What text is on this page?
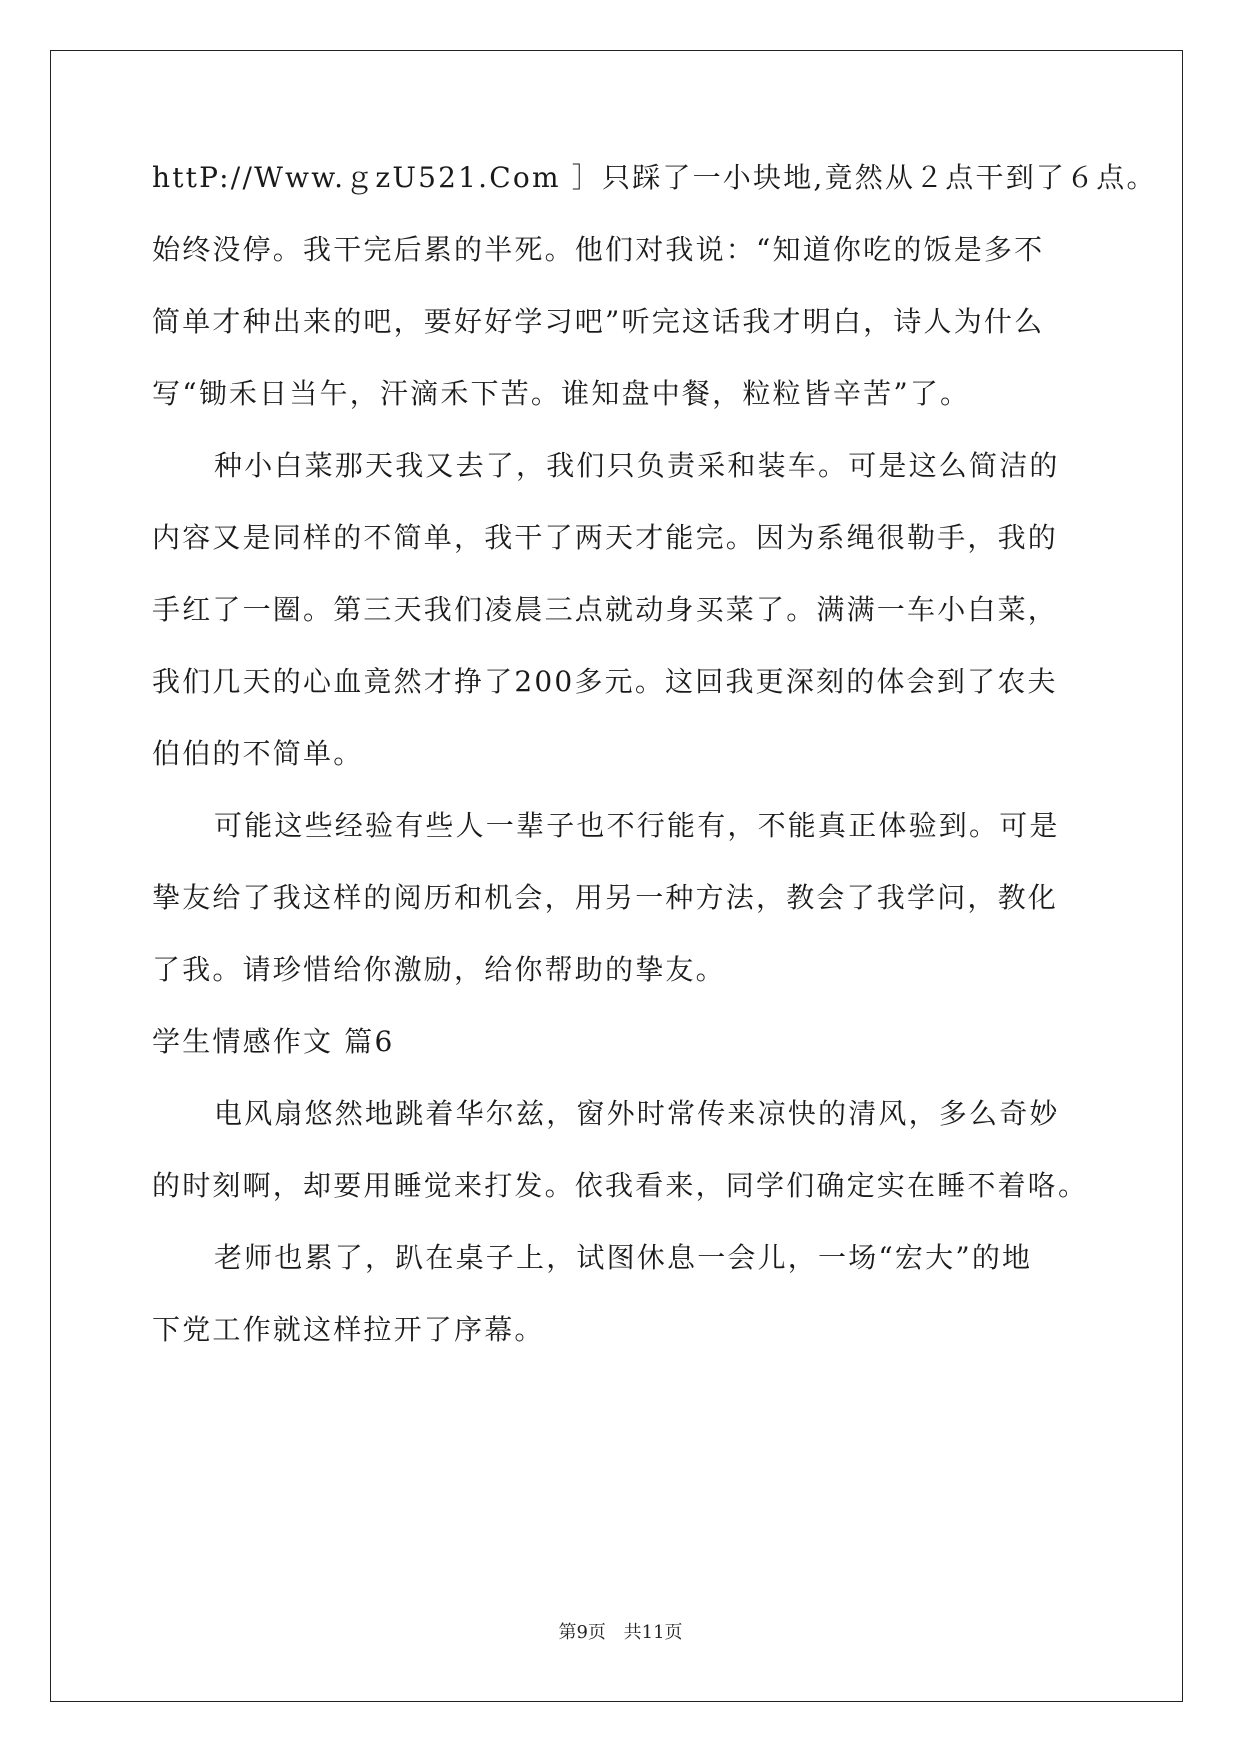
httP://Www.ｇzU521.Com ］只踩了一小块地,竟然从２点干到了６点。
始终没停。我干完后累的半死。他们对我说：“知道你吃的饭是多不
简单才种出来的吧，要好好学习吧”听完这话我才明白，诗人为什么
写“锄禾日当午，汗滴禾下苦。谁知盘中餐，粒粒皆辛苦”了。
种小白菜那天我又去了，我们只负责采和装车。可是这么简洁的
内容又是同样的不简单，我干了两天才能完。因为系绳很勒手，我的
手红了一圈。第三天我们凌晨三点就动身买菜了。满满一车小白菜，
我们几天的心血竟然才挣了200多元。这回我更深刻的体会到了农夫
伯伯的不简单。
可能这些经验有些人一辈子也不行能有，不能真正体验到。可是
挚友给了我这样的阅历和机会，用另一种方法，教会了我学问，教化
了我。请珍惜给你激励，给你帮助的挚友。
学生情感作文 篇6
电风扇悠然地跳着华尔兹，窗外时常传来凉快的清风，多么奇妙
的时刻啊，却要用睡觉来打发。依我看来，同学们确定实在睡不着咯。
老师也累了，趴在桌子上，试图休息一会儿，一场“宏大”的地
下党工作就这样拉开了序幕。
第9页 共11页
